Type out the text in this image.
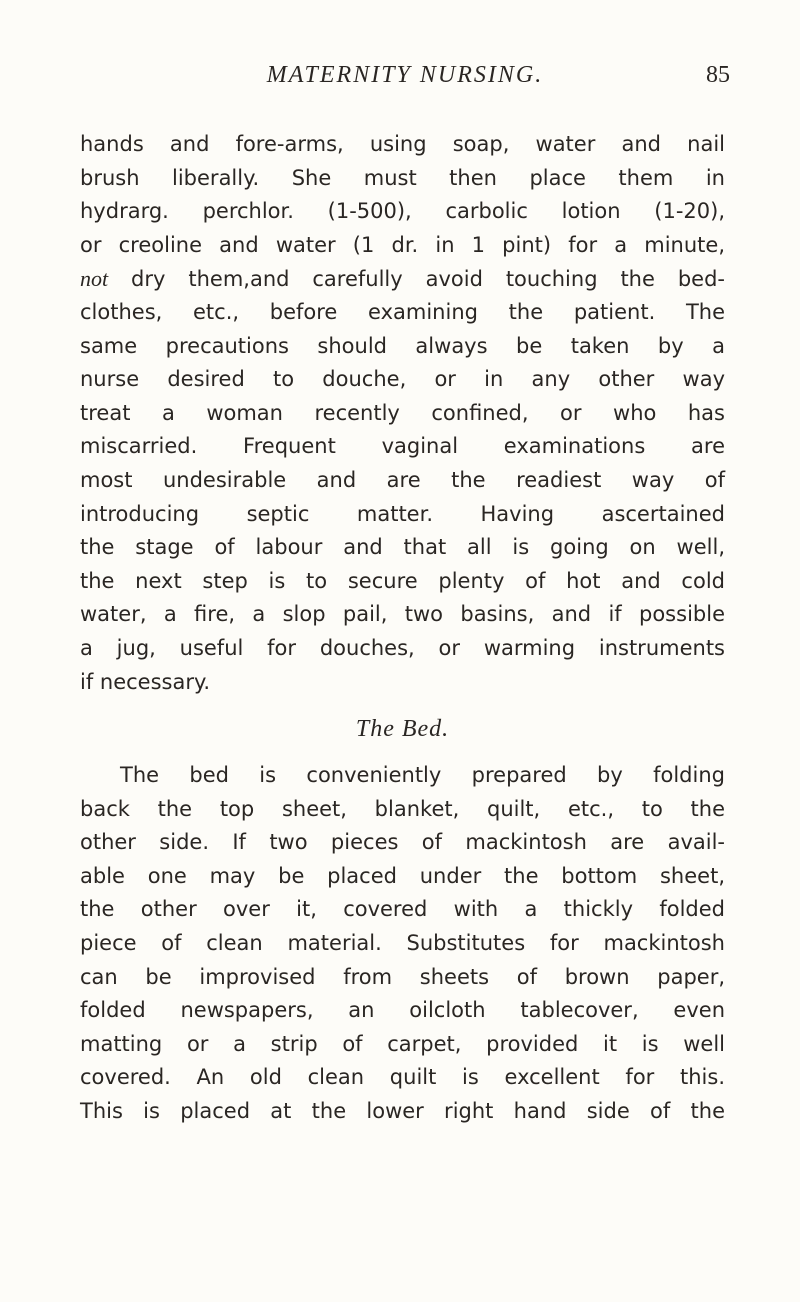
MATERNITY NURSING.	85
hands and fore-arms, using soap, water and nail
brush liberally. She must then place them in
hydrarg. perchlor. (1-500), carbolic lotion (1-20),
or creoline and water (1 dr. in 1 pint) for a minute,
not dry them,and carefully avoid touching the bed-
clothes, etc., before examining the patient. The
same precautions should always be taken by a
nurse desired to douche, or in any other way
treat a woman recently confined, or who has
miscarried. Frequent vaginal examinations are
most undesirable and are the readiest way of
introducing septic matter. Having ascertained
the stage of labour and that all is going on well,
the next step is to secure plenty of hot and cold
water, a fire, a slop pail, two basins, and if possible
a jug, useful for douches, or warming instruments
if necessary.
The Bed.
The bed is conveniently prepared by folding
back the top sheet, blanket, quilt, etc., to the
other side. If two pieces of mackintosh are avail-
able one may be placed under the bottom sheet,
the other over it, covered with a thickly folded
piece of clean material. Substitutes for mackintosh
can be improvised from sheets of brown paper,
folded newspapers, an oilcloth tablecover, even
matting or a strip of carpet, provided it is well
covered. An old clean quilt is excellent for this.
This is placed at the lower right hand side of the
